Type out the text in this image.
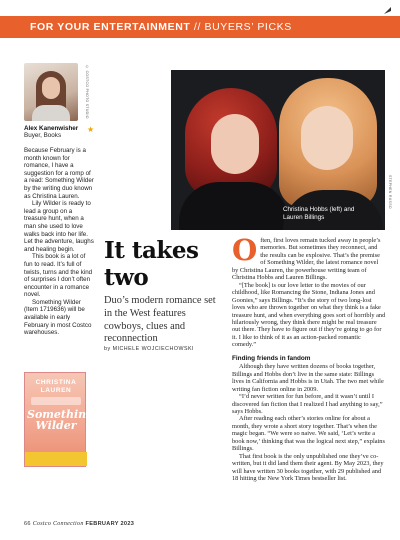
FOR YOUR ENTERTAINMENT // BUYERS’ PICKS
Alex Kanenwisher
Buyer, Books

Because February is a month known for romance, I have a suggestion for a romp of a read: Something Wilder by the writing duo known as Christina Lauren.

Lily Wilder is ready to lead a group on a treasure hunt, when a man she used to love walks back into her life. Let the adventure, laughs and healing begin.

This book is a lot of fun to read. It’s full of twists, turns and the kind of surprises I don’t often encounter in a romance novel.

Something Wilder (Item 1719636) will be available in early February in most Costco warehouses.

© COSTCO PHOTO STUDIO
★
CHRISTINA
LAUREN
Something
Wilder
Christina Hobbs (left) and Lauren Billings
STEPHEN RUSSO
It takes two
Duo’s modern romance set in the West features cowboys, clues and reconnection
by MICHELE WOJCIECHOWSKI

Often, first loves remain tucked away in people’s memories. But sometimes they reconnect, and the results can be explosive. That’s the premise of Something Wilder, the latest romance novel by Christina Lauren, the powerhouse writing team of Christina Hobbs and Lauren Billings.

“[The book] is our love letter to the movies of our childhood, like Romancing the Stone, Indiana Jones and Goonies,” says Billings. “It’s the story of two long-lost loves who are thrown together on what they think is a fake treasure hunt, and when everything goes sort of horribly and hilariously wrong, they think there might be real treasure out there. They have to figure out if they’re going to go for it. I like to think of it as an action-packed romantic comedy.”

Finding friends in fandom

Although they have written dozens of books together, Billings and Hobbs don’t live in the same state: Billings lives in California and Hobbs is in Utah. The two met while writing fan fiction online in 2009.

“I’d never written for fun before, and it wasn’t until I discovered fan fiction that I realized I had anything to say,” says Hobbs.

After reading each other’s stories online for about a month, they wrote a short story together. That’s when the magic began. “We were so naive. We said, ‘Let’s write a book now,’ thinking that was the logical next step,” explains Billings.

That first book is the only unpublished one they’ve co-written, but it did land them their agent. By May 2023, they will have written 30 books together, with 29 published and 18 hitting the New York Times bestseller list.

66 Costco Connection FEBRUARY 2023
